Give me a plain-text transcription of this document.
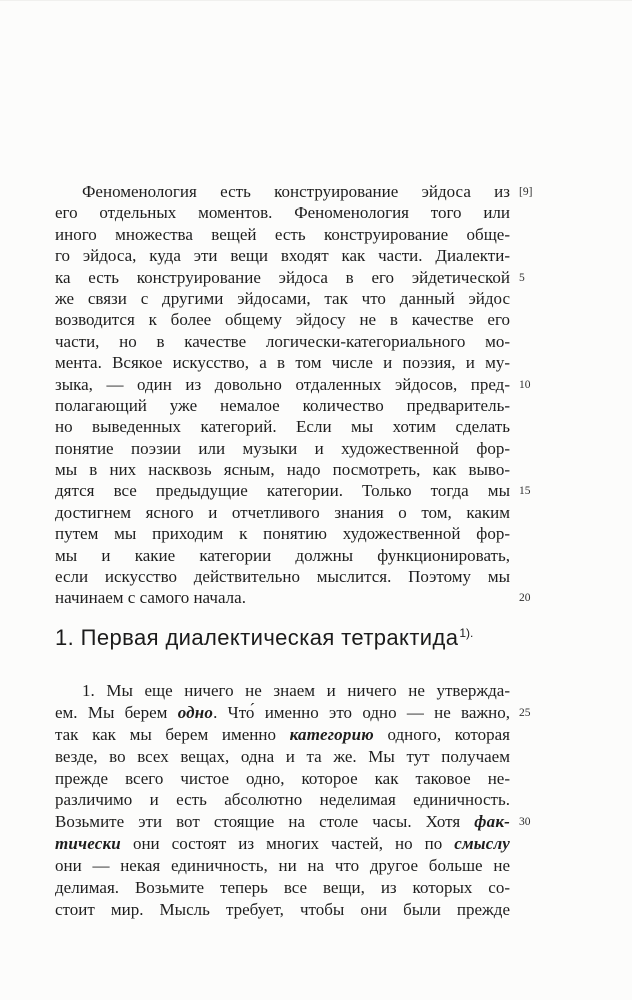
Феноменология есть конструирование эйдоса из [9]
его отдельных моментов. Феноменология того или
иного множества вещей есть конструирование обще-
го эйдоса, куда эти вещи входят как части. Диалекти-
ка есть конструирование эйдоса в его эйдетической 5
же связи с другими эйдосами, так что данный эйдос
возводится к более общему эйдосу не в качестве его
части, но в качестве логически-категориального мо-
мента. Всякое искусство, а в том числе и поэзия, и му-
зыка, — один из довольно отдаленных эйдосов, пред- 10
полагающий уже немалое количество предваритель-
но выведенных категорий. Если мы хотим сделать
понятие поэзии или музыки и художественной фор-
мы в них насквозь ясным, надо посмотреть, как выво-
дятся все предыдущие категории. Только тогда мы 15
достигнем ясного и отчетливого знания о том, каким
путем мы приходим к понятию художественной фор-
мы и какие категории должны функционировать,
если искусство действительно мыслится. Поэтому мы
начинаем с самого начала.	20
1. Первая диалектическая тетрактида$^{1).}$
1. Мы еще ничего не знаем и ничего не утвержда-
ем. Мы берем одно. Что́ именно это одно — не важно, 25
так как мы берем именно категорию одного, которая
везде, во всех вещах, одна и та же. Мы тут получаем
прежде всего чистое одно, которое как таковое не-
различимо и есть абсолютно неделимая единичность.
Возьмите эти вот стоящие на столе часы. Хотя фак- 30
тически они состоят из многих частей, но по смыслу
они — некая единичность, ни на что другое больше не
делимая. Возьмите теперь все вещи, из которых со-
стоит мир. Мысль требует, чтобы они были прежде
